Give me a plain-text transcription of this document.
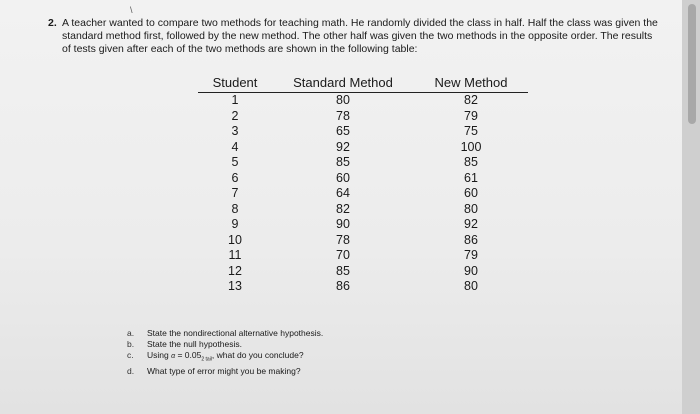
\
2. A teacher wanted to compare two methods for teaching math. He randomly divided the class in half. Half the class was given the standard method first, followed by the new method. The other half was given the two methods in the opposite order. The results of tests given after each of the two methods are shown in the following table:
Student	Standard Method	New Method
1	80	82
2	78	79
3	65	75
4	92	100
5	85	85
6	60	61
7	64	60
8	82	80
9	90	92
10	78	86
11	70	79
12	85	90
13	86	80
a.	State the nondirectional alternative hypothesis.
b.	State the null hypothesis.
c.	Using $\alpha = 0.05_{2 tail}$, what do you conclude?
d.	What type of error might you be making?
